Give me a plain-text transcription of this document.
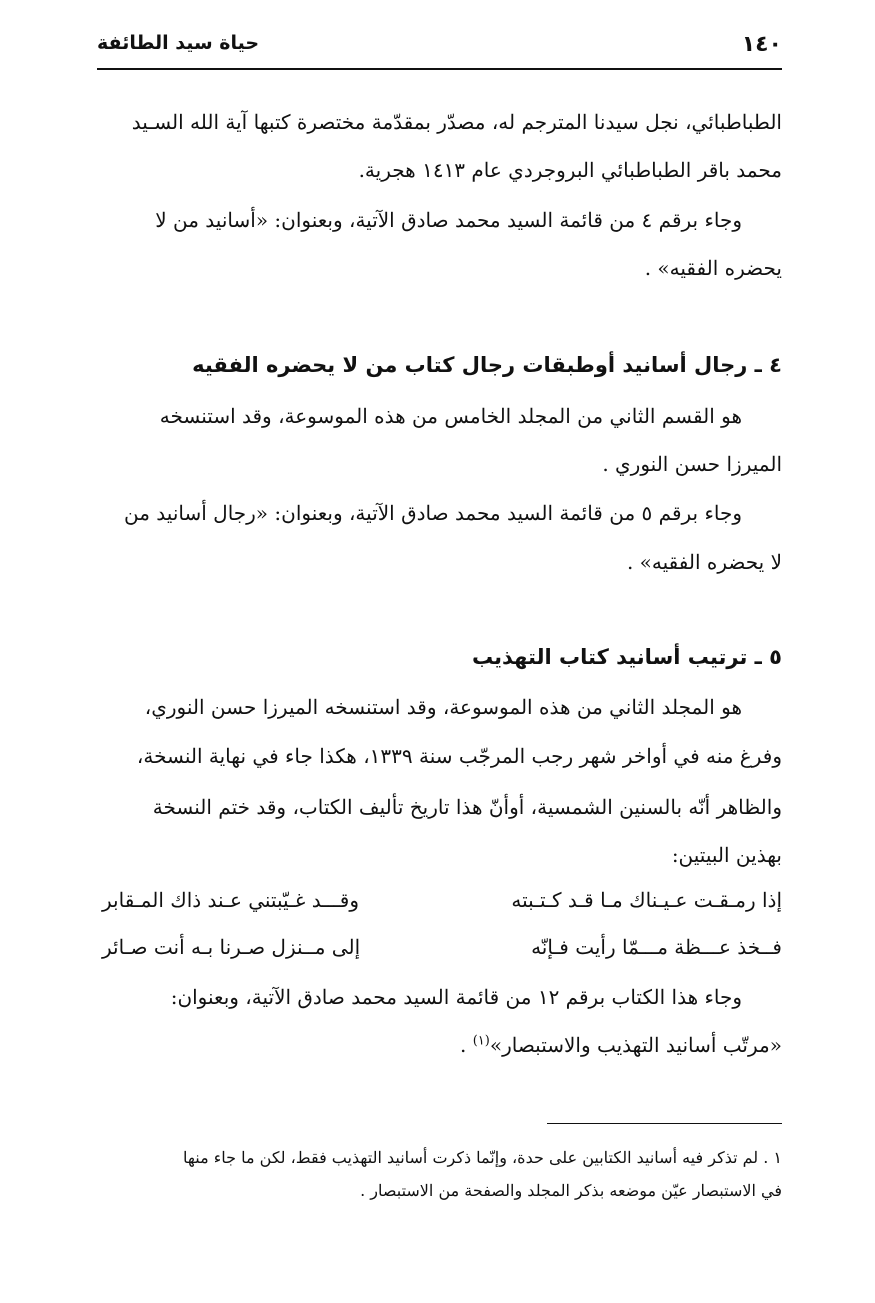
١٤٠
حياة سيد الطائفة
الطباطبائي، نجل سيدنا المترجم له، مصدّر بمقدّمة مختصرة كتبها آية الله السـيد
محمد باقر الطباطبائي البروجردي عام ١٤١٣ هجرية.
وجاء برقم ٤ من قائمة السيد محمد صادق الآتية، وبعنوان: «أسانيد من لا
يحضره الفقيه» .
٤ ـ رجال أسانيد أوطبقات رجال كتاب من لا يحضره الفقيه
هو القسم الثاني من المجلد الخامس من هذه الموسوعة، وقد استنسخه
الميرزا حسن النوري .
وجاء برقم ٥ من قائمة السيد محمد صادق الآتية، وبعنوان: «رجال أسانيد من
لا يحضره الفقيه» .
٥ ـ ترتيب أسانيد كتاب التهذيب
هو المجلد الثاني من هذه الموسوعة، وقد استنسخه الميرزا حسن النوري،
وفرغ منه في أواخر شهر رجب المرجّب سنة ١٣٣٩، هكذا جاء في نهاية النسخة،
والظاهر أنّه بالسنين الشمسية، أوأنّ هذا تاريخ تأليف الكتاب، وقد ختم النسخة
بهذين البيتين:
إذا رمـقـت عـيـناك مـا قـد كـتـبته
وقـــد غـيّبتني عـند ذاك المـقابر
فــخذ عـــظة مـــمّا رأيت فـإنّه
إلى مــنزل صـرنا بـه أنت صـائر
وجاء هذا الكتاب برقم ١٢ من قائمة السيد محمد صادق الآتية، وبعنوان:
«مرتّب أسانيد التهذيب والاستبصار»$^{(١)}$ .
١ . لم تذكر فيه أسانيد الكتابين على حدة، وإنّما ذكرت أسانيد التهذيب فقط، لكن ما جاء منها
في الاستبصار عيّن موضعه بذكر المجلد والصفحة من الاستبصار .
